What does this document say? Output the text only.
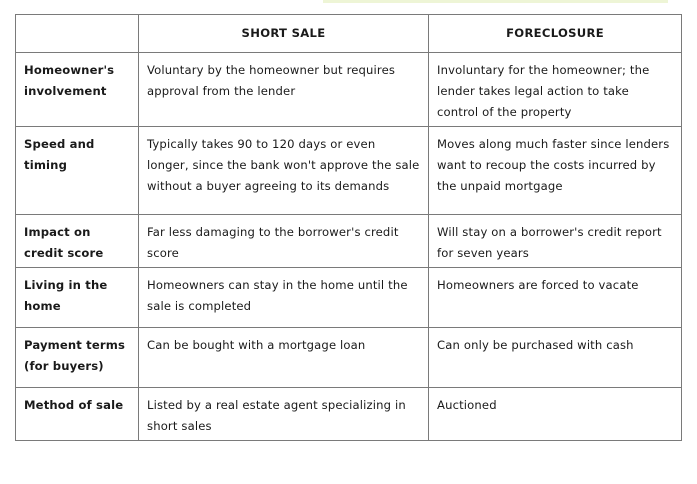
	SHORT SALE	FORECLOSURE
Homeowner's involvement	Voluntary by the homeowner but requires approval from the lender	Involuntary for the homeowner; the lender takes legal action to take control of the property
Speed and timing	Typically takes 90 to 120 days or even longer, since the bank won't approve the sale without a buyer agreeing to its demands	Moves along much faster since lenders want to recoup the costs incurred by the unpaid mortgage
Impact on credit score	Far less damaging to the borrower's credit score	Will stay on a borrower's credit report for seven years
Living in the home	Homeowners can stay in the home until the sale is completed	Homeowners are forced to vacate
Payment terms (for buyers)	Can be bought with a mortgage loan	Can only be purchased with cash
Method of sale	Listed by a real estate agent specializing in short sales	Auctioned
